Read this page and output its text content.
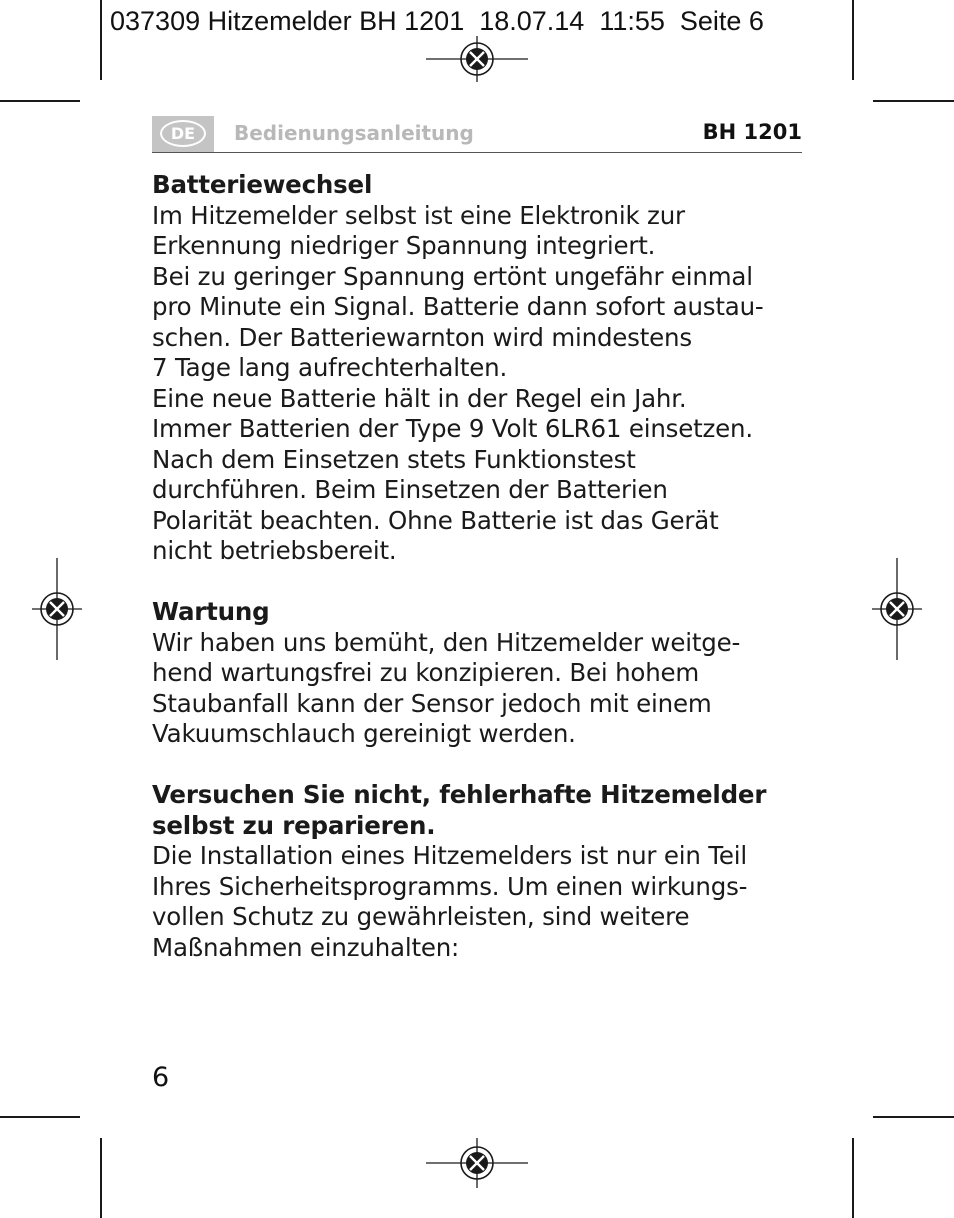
037309 Hitzemelder BH 1201  18.07.14  11:55  Seite 6
DE	Bedienungsanleitung	BH 1201
Batteriewechsel
Im Hitzemelder selbst ist eine Elektronik zur
Erkennung niedriger Spannung integriert.
Bei zu geringer Spannung ertönt ungefähr einmal
pro Minute ein Signal. Batterie dann sofort austau-
schen. Der Batteriewarnton wird mindestens
7 Tage lang aufrechterhalten.
Eine neue Batterie hält in der Regel ein Jahr.
Immer Batterien der Type 9 Volt 6LR61 einsetzen.
Nach dem Einsetzen stets Funktionstest
durchführen. Beim Einsetzen der Batterien
Polarität beachten. Ohne Batterie ist das Gerät
nicht betriebsbereit.
Wartung
Wir haben uns bemüht, den Hitzemelder weitge-
hend wartungsfrei zu konzipieren. Bei hohem
Staubanfall kann der Sensor jedoch mit einem
Vakuumschlauch gereinigt werden.
Versuchen Sie nicht, fehlerhafte Hitzemelder
selbst zu reparieren.
Die Installation eines Hitzemelders ist nur ein Teil
Ihres Sicherheitsprogramms. Um einen wirkungs-
vollen Schutz zu gewährleisten, sind weitere
Maßnahmen einzuhalten:
6
